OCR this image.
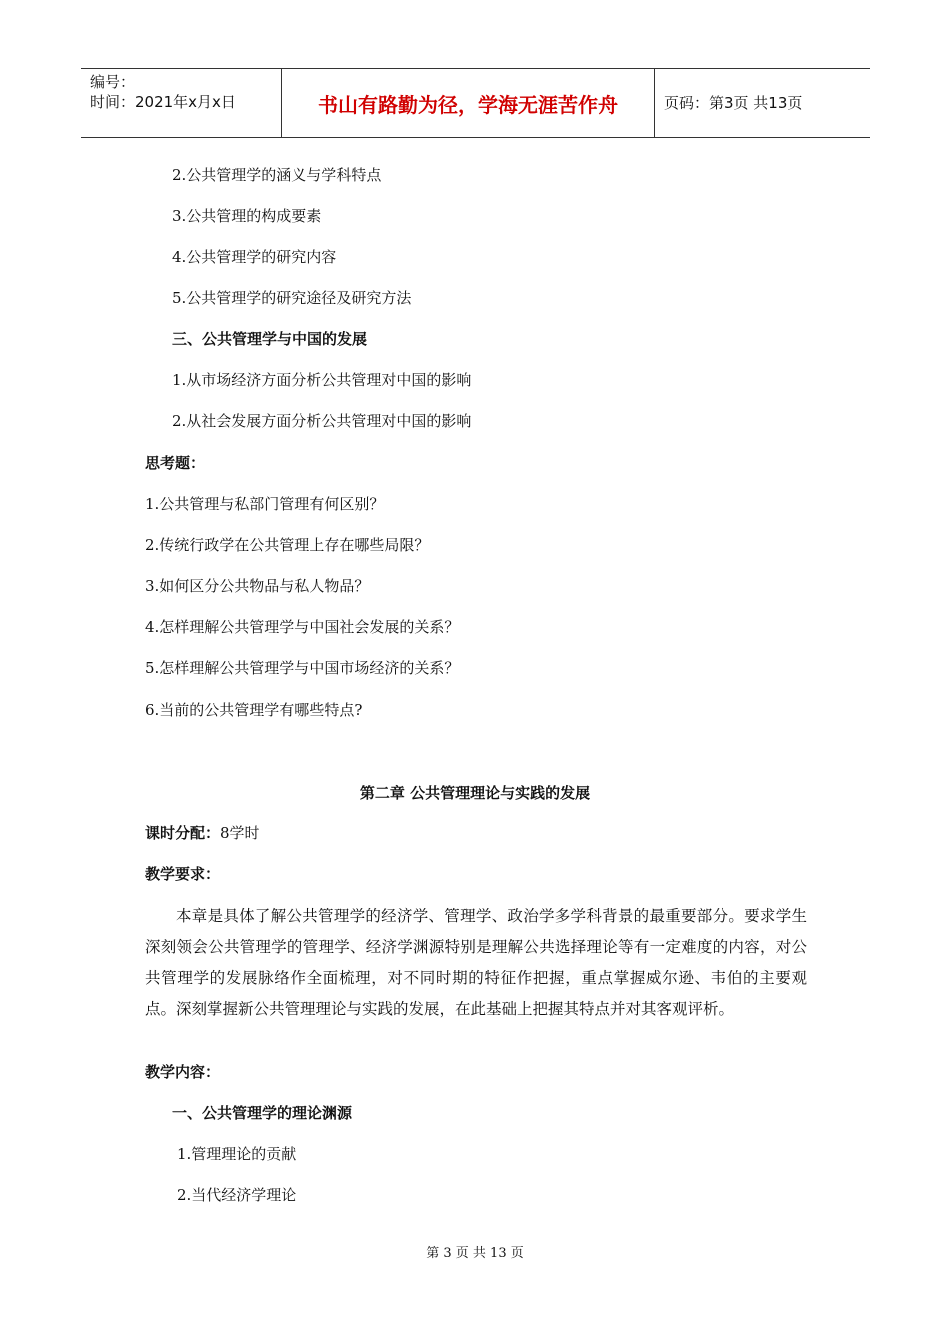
编号：
时间：2021年x月x日	书山有路勤为径，学海无涯苦作舟	页码：第3页 共13页
2.公共管理学的涵义与学科特点
3.公共管理的构成要素
4.公共管理学的研究内容
5.公共管理学的研究途径及研究方法
三、公共管理学与中国的发展
1.从市场经济方面分析公共管理对中国的影响
2.从社会发展方面分析公共管理对中国的影响
思考题：
1.公共管理与私部门管理有何区别？
2.传统行政学在公共管理上存在哪些局限？
3.如何区分公共物品与私人物品？
4.怎样理解公共管理学与中国社会发展的关系？
5.怎样理解公共管理学与中国市场经济的关系？
6.当前的公共管理学有哪些特点?
第二章 公共管理理论与实践的发展
课时分配：8学时
教学要求：
本章是具体了解公共管理学的经济学、管理学、政治学多学科背景的最重要部分。要求学生深刻领会公共管理学的管理学、经济学渊源特别是理解公共选择理论等有一定难度的内容，对公共管理学的发展脉络作全面梳理，对不同时期的特征作把握，重点掌握威尔逊、韦伯的主要观点。深刻掌握新公共管理理论与实践的发展，在此基础上把握其特点并对其客观评析。
教学内容：
一、公共管理学的理论渊源
1.管理理论的贡献
2.当代经济学理论
第 3 页 共 13 页
